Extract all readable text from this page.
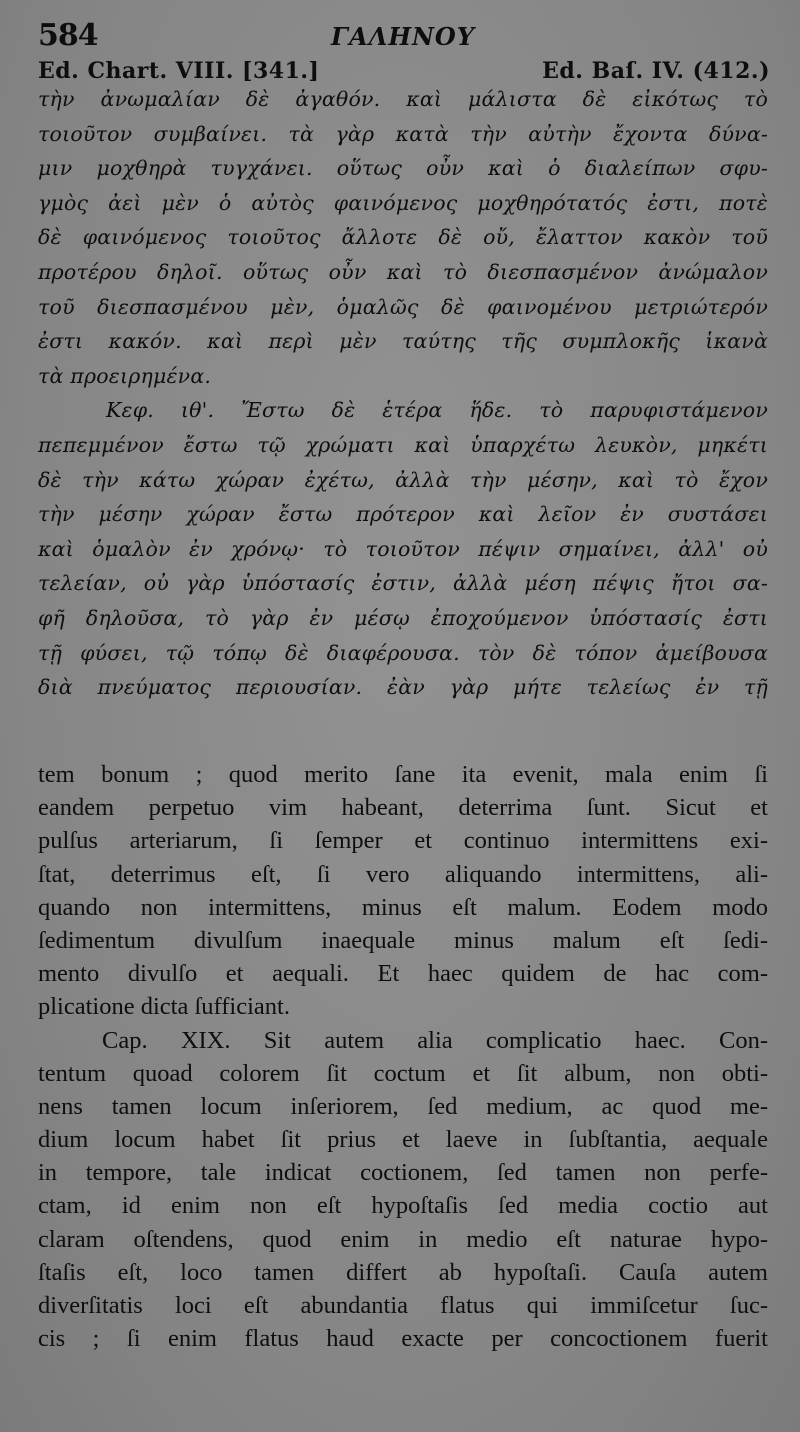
584	ΓΑΛΗΝΟΥ
Ed. Chart. VIII. [341.]	Ed. Baſ. IV. (412.)
τὴν ἀνωμαλίαν δὲ ἀγαθόν. καὶ μάλιστα δὲ εἰκότως τὸ
τοιοῦτον συμβαίνει. τὰ γὰρ κατὰ τὴν αὐτὴν ἔχοντα δύνα-
μιν μοχθηρὰ τυγχάνει. οὕτως οὖν καὶ ὁ διαλείπων σφυ-
γμὸς ἀεὶ μὲν ὁ αὐτὸς φαινόμενος μοχθηρότατός ἐστι, ποτὲ
δὲ φαινόμενος τοιοῦτος ἄλλοτε δὲ οὔ, ἔλαττον κακὸν τοῦ
προτέρου δηλοῖ. οὕτως οὖν καὶ τὸ διεσπασμένον ἀνώμαλον
τοῦ διεσπασμένου μὲν, ὁμαλῶς δὲ φαινομένου μετριώτερόν
ἐστι κακόν. καὶ περὶ μὲν ταύτης τῆς συμπλοκῆς ἱκανὰ
τὰ προειρημένα.
Κεφ. ιθ'. Ἔστω δὲ ἑτέρα ἥδε. τὸ παρυφιστάμενον
πεπεμμένον ἔστω τῷ χρώματι καὶ ὑπαρχέτω λευκὸν, μηκέτι
δὲ τὴν κάτω χώραν ἐχέτω, ἀλλὰ τὴν μέσην, καὶ τὸ ἔχον
τὴν μέσην χώραν ἔστω πρότερον καὶ λεῖον ἐν συστάσει
καὶ ὁμαλὸν ἐν χρόνῳ· τὸ τοιοῦτον πέψιν σημαίνει, ἀλλ' οὐ
τελείαν, οὐ γὰρ ὑπόστασίς ἐστιν, ἀλλὰ μέση πέψις ἤτοι σα-
φῆ δηλοῦσα, τὸ γὰρ ἐν μέσῳ ἐποχούμενον ὑπόστασίς ἐστι
τῇ φύσει, τῷ τόπῳ δὲ διαφέρουσα. τὸν δὲ τόπον ἀμείβουσα
διὰ πνεύματος περιουσίαν. ἐὰν γὰρ μήτε τελείως ἐν τῇ
tem bonum ; quod merito ſane ita evenit, mala enim ſi
eandem perpetuo vim habeant, deterrima ſunt. Sicut et
pulſus arteriarum, ſi ſemper et continuo intermittens exi-
ſtat, deterrimus eſt, ſi vero aliquando intermittens, ali-
quando non intermittens, minus eſt malum. Eodem modo
ſedimentum divulſum inaequale minus malum eſt ſedi-
mento divulſo et aequali. Et haec quidem de hac com-
plicatione dicta ſufficiant.
Cap. XIX. Sit autem alia complicatio haec. Con-
tentum quoad colorem ſit coctum et ſit album, non obti-
nens tamen locum inſeriorem, ſed medium, ac quod me-
dium locum habet ſit prius et laeve in ſubſtantia, aequale
in tempore, tale indicat coctionem, ſed tamen non perfe-
ctam, id enim non eſt hypoſtaſis ſed media coctio aut
claram oſtendens, quod enim in medio eſt naturae hypo-
ſtaſis eſt, loco tamen differt ab hypoſtaſi. Cauſa autem
diverſitatis loci eſt abundantia flatus qui immiſcetur ſuc-
cis ; ſi enim flatus haud exacte per concoctionem fuerit
